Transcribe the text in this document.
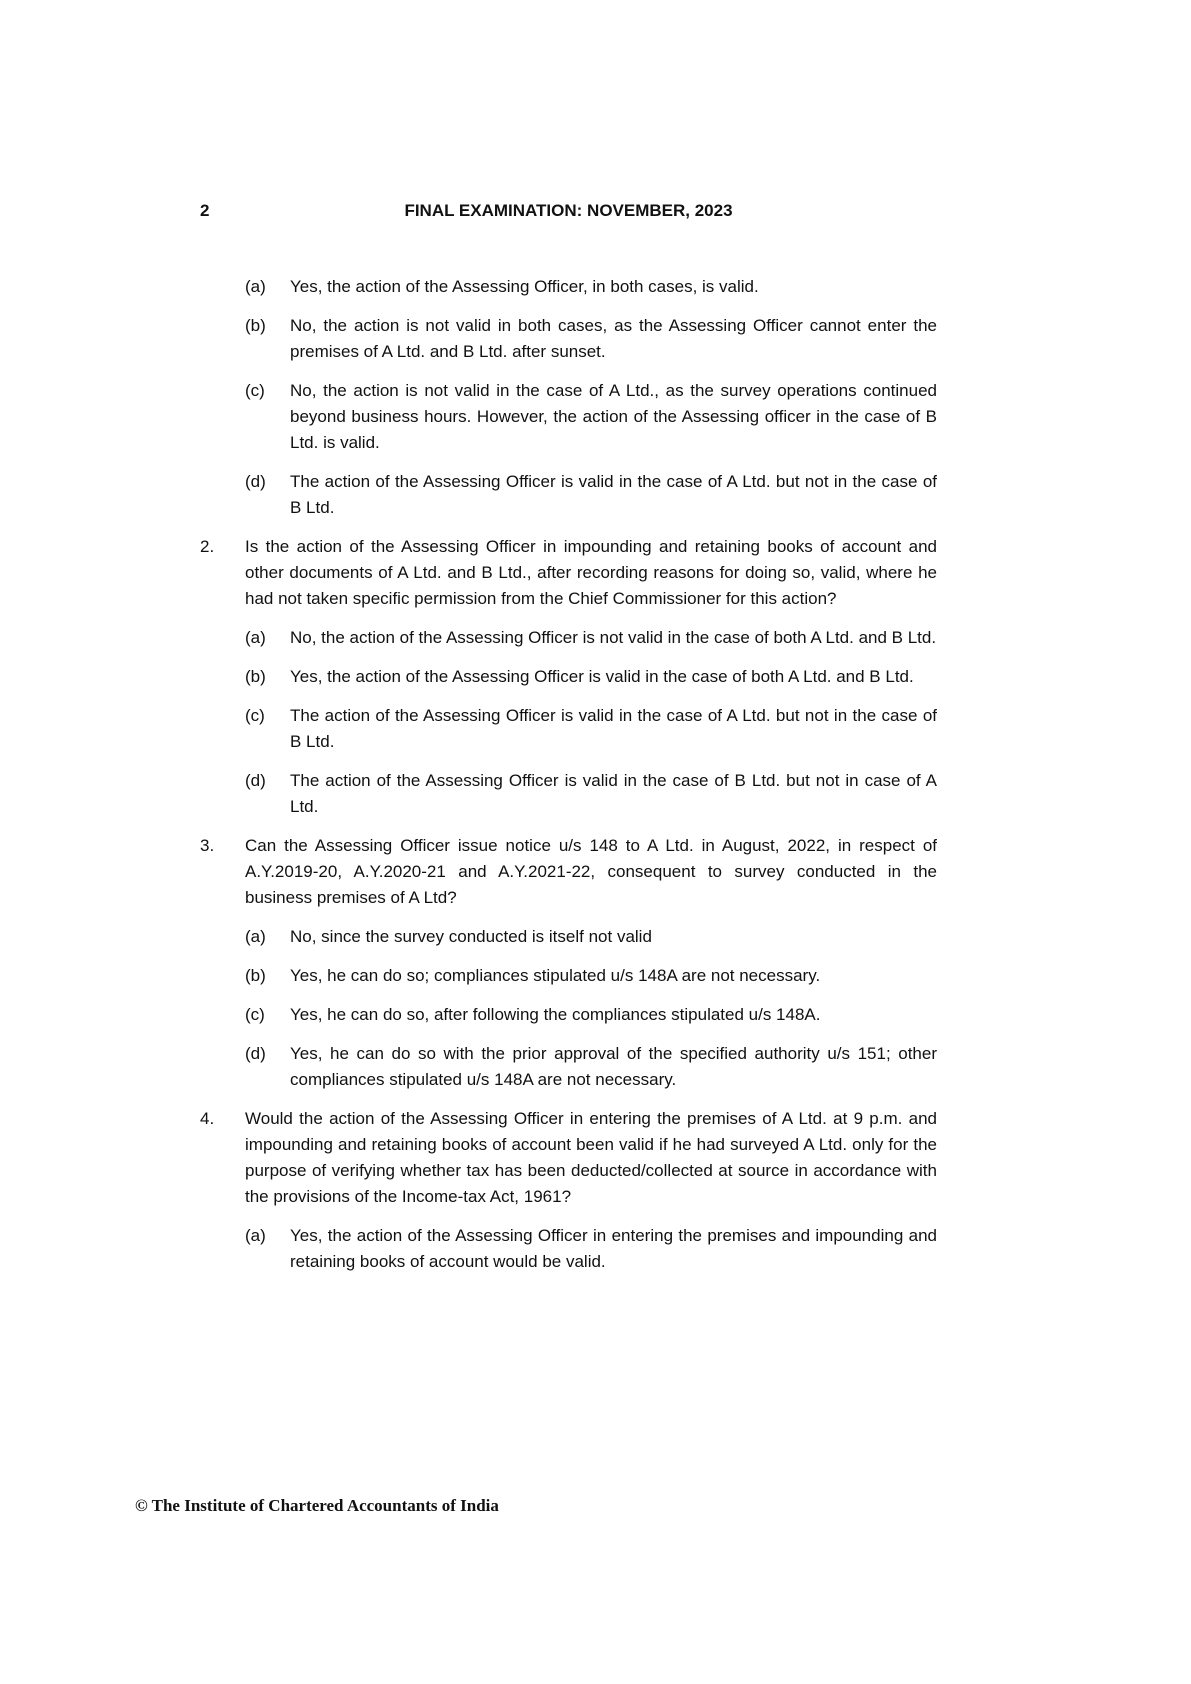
2	FINAL EXAMINATION: NOVEMBER, 2023
(a)	Yes, the action of the Assessing Officer, in both cases, is valid.
(b)	No, the action is not valid in both cases, as the Assessing Officer cannot enter the premises of A Ltd. and B Ltd. after sunset.
(c)	No, the action is not valid in the case of A Ltd., as the survey operations continued beyond business hours. However, the action of the Assessing officer in the case of B Ltd. is valid.
(d)	The action of the Assessing Officer is valid in the case of A Ltd. but not in the case of B Ltd.
2.	Is the action of the Assessing Officer in impounding and retaining books of account and other documents of A Ltd. and B Ltd., after recording reasons for doing so, valid, where he had not taken specific permission from the Chief Commissioner for this action?
(a)	No, the action of the Assessing Officer is not valid in the case of both A Ltd. and B Ltd.
(b)	Yes, the action of the Assessing Officer is valid in the case of both A Ltd. and B Ltd.
(c)	The action of the Assessing Officer is valid in the case of A Ltd. but not in the case of B Ltd.
(d)	The action of the Assessing Officer is valid in the case of B Ltd. but not in case of A Ltd.
3.	Can the Assessing Officer issue notice u/s 148 to A Ltd. in August, 2022, in respect of A.Y.2019-20, A.Y.2020-21 and A.Y.2021-22, consequent to survey conducted in the business premises of A Ltd?
(a)	No, since the survey conducted is itself not valid
(b)	Yes, he can do so; compliances stipulated u/s 148A are not necessary.
(c)	Yes, he can do so, after following the compliances stipulated u/s 148A.
(d)	Yes, he can do so with the prior approval of the specified authority u/s 151; other compliances stipulated u/s 148A are not necessary.
4.	Would the action of the Assessing Officer in entering the premises of A Ltd. at 9 p.m. and impounding and retaining books of account been valid if he had surveyed A Ltd. only for the purpose of verifying whether tax has been deducted/collected at source in accordance with the provisions of the Income-tax Act, 1961?
(a)	Yes, the action of the Assessing Officer in entering the premises and impounding and retaining books of account would be valid.
© The Institute of Chartered Accountants of India
